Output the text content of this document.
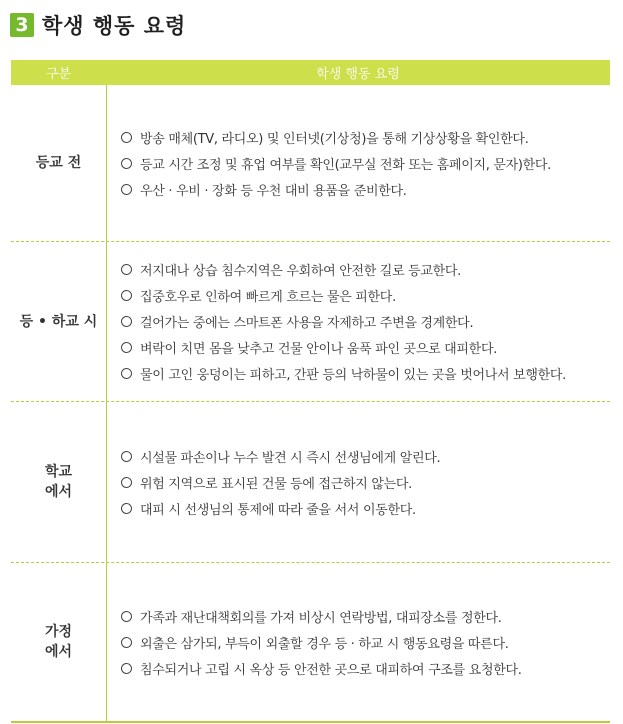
3 학생 행동 요령
구분	학생 행동 요령
등교 전
방송 매체(TV, 라디오) 및 인터넷(기상청)을 통해 기상상황을 확인한다.
등교 시간 조정 및 휴업 여부를 확인(교무실 전화 또는 홈페이지, 문자)한다.
우산 · 우비 · 장화 등 우천 대비 용품을 준비한다.
등 • 하교 시
저지대나 상습 침수지역은 우회하여 안전한 길로 등교한다.
집중호우로 인하여 빠르게 흐르는 물은 피한다.
걸어가는 중에는 스마트폰 사용을 자제하고 주변을 경계한다.
벼락이 치면 몸을 낮추고 건물 안이나 움푹 파인 곳으로 대피한다.
물이 고인 웅덩이는 피하고, 간판 등의 낙하물이 있는 곳을 벗어나서 보행한다.
학교
에서
시설물 파손이나 누수 발견 시 즉시 선생님에게 알린다.
위험 지역으로 표시된 건물 등에 접근하지 않는다.
대피 시 선생님의 통제에 따라 줄을 서서 이동한다.
가정
에서
가족과 재난대책회의를 가져 비상시 연락방법, 대피장소를 정한다.
외출은 삼가되, 부득이 외출할 경우 등 · 하교 시 행동요령을 따른다.
침수되거나 고립 시 옥상 등 안전한 곳으로 대피하여 구조를 요청한다.
